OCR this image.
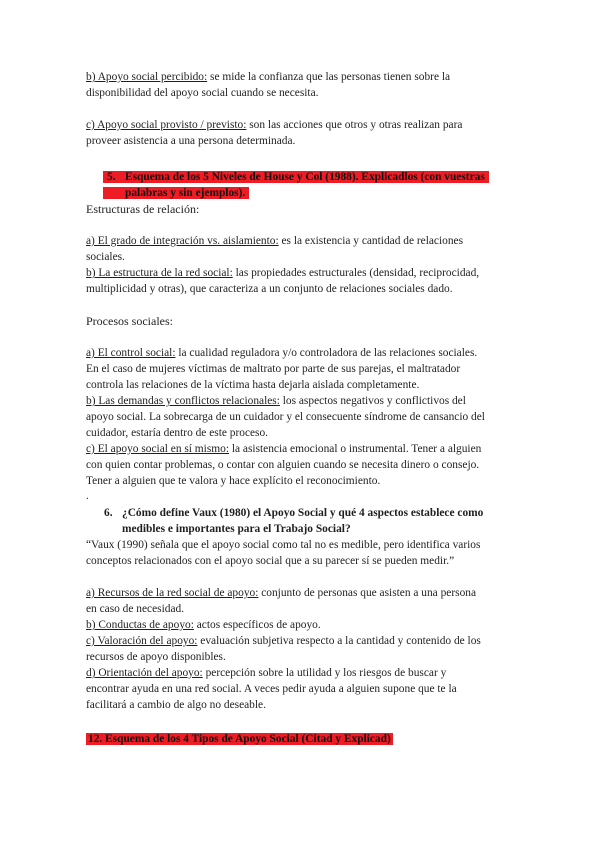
b) Apoyo social percibido: se mide la confianza que las personas tienen sobre la
disponibilidad del apoyo social cuando se necesita.

c) Apoyo social provisto / previsto: son las acciones que otros y otras realizan para
proveer asistencia a una persona determinada.

5. Esquema de los 5 Niveles de House y Col (1988). Explicadlos (con vuestras
palabras y sin ejemplos).

Estructuras de relación:

a) El grado de integración vs. aislamiento: es la existencia y cantidad de relaciones
sociales.
b) La estructura de la red social: las propiedades estructurales (densidad, reciprocidad,
multiplicidad y otras), que caracteriza a un conjunto de relaciones sociales dado.

Procesos sociales:

a) El control social: la cualidad reguladora y/o controladora de las relaciones sociales.
En el caso de mujeres víctimas de maltrato por parte de sus parejas, el maltratador
controla las relaciones de la víctima hasta dejarla aislada completamente.
b) Las demandas y conflictos relacionales: los aspectos negativos y conflictivos del
apoyo social. La sobrecarga de un cuidador y el consecuente síndrome de cansancio del
cuidador, estaría dentro de este proceso.
c) El apoyo social en sí mismo: la asistencia emocional o instrumental. Tener a alguien
con quien contar problemas, o contar con alguien cuando se necesita dinero o consejo.
Tener a alguien que te valora y hace explícito el reconocimiento.

.

6. ¿Cómo define Vaux (1980) el Apoyo Social y qué 4 aspectos establece como
medibles e importantes para el Trabajo Social?

“Vaux (1990) señala que el apoyo social como tal no es medible, pero identifica varios
conceptos relacionados con el apoyo social que a su parecer sí se pueden medir.”

a) Recursos de la red social de apoyo: conjunto de personas que asisten a una persona
en caso de necesidad.
b) Conductas de apoyo: actos específicos de apoyo.
c) Valoración del apoyo: evaluación subjetiva respecto a la cantidad y contenido de los
recursos de apoyo disponibles.
d) Orientación del apoyo: percepción sobre la utilidad y los riesgos de buscar y
encontrar ayuda en una red social. A veces pedir ayuda a alguien supone que te la
facilitará a cambio de algo no deseable.

12. Esquema de los 4 Tipos de Apoyo Social (Citad y Explicad)
